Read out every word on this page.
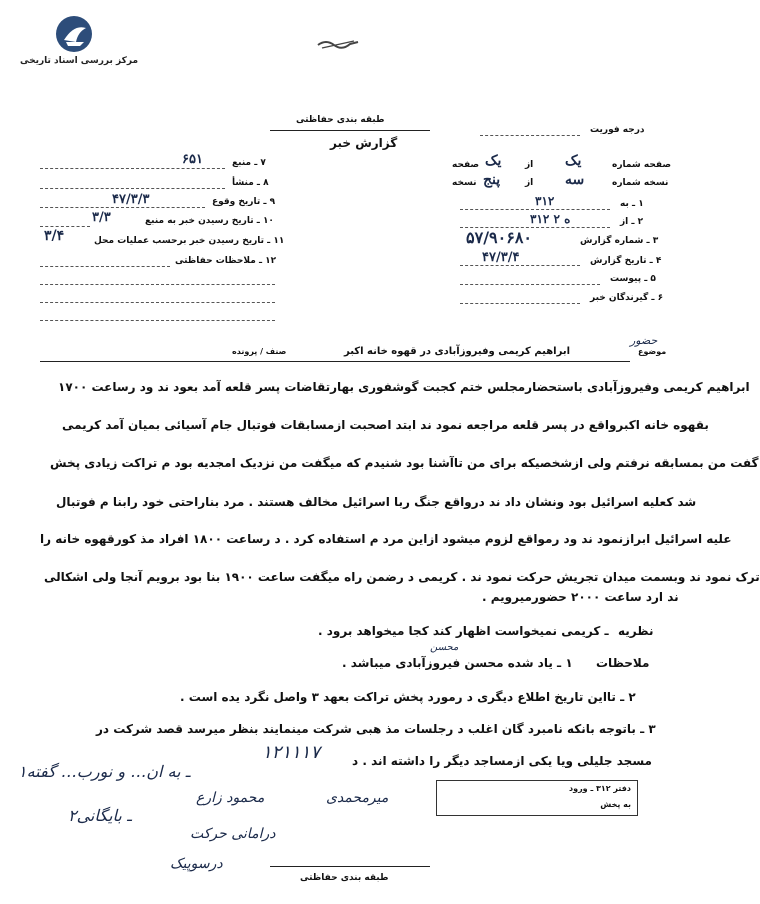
مرکز بررسی اسناد تاریخی
طبقه بندی حفاظتی
گزارش خبر
درجه فوریت
صفحه شماره
یک
از
یک
صفحه
نسخه شماره
سه
از
پنج
نسخه
۱ ـ به
۳۱۲
۲ ـ از
۳۱۲ ه ۲
۳ ـ شماره گزارش
۵۷/۹۰۶۸۰
۴ ـ تاریخ گزارش
۴۷/۳/۴
۵ ـ پیوست
۶ ـ گیرندگان خبر
۷ ـ منبع
۶۵۱
۸ ـ منشأ
۹ ـ تاریخ وقوع
۴۷/۳/۳
۱۰ ـ تاریخ رسیدن خبر به منبع
۳/۳
۱۱ ـ تاریخ رسیدن خبر برحسب عملیات محل
۳/۴
۱۲ ـ ملاحظات حفاظتی
حضور
موضوع
ابراهیم کریمی وفیروزآبادی در قهوه خانه اکبر
صنف / پرونده
ابراهیم کریمی وفیروزآبادی باستحضارمجلس ختم کجبت گوشفوری بهارتقاضات پسر قلعه آمد بعود ند ود رساعت ۱۷۰۰
بقهوه خانه اکبرواقع در پسر قلعه مراجعه نمود ند ابتد اصحبت ازمسابقات فوتبال جام آسیائی بمیان آمد کریمی
گفت من بمسابقه نرفتم ولی ازشخصیکه برای من تاآشنا بود شنیدم که میگفت من نزدیک امجدیه بود م تراکت زیادی پخش
شد کعلیه اسرائیل بود ونشان داد ند درواقع جنگ ربا اسرائیل مخالف هستند . مرد بناراحتی خود رابنا م فوتبال
علیه اسرائیل ابرازنمود ند ود رمواقع لزوم میشود ازاین مرد م استفاده کرد . د رساعت ۱۸۰۰ افراد مذ کورقهوه خانه را
ترک نمود ند وبسمت میدان تجریش حرکت نمود ند . کریمی د رضمن راه میگفت ساعت ۱۹۰۰ بنا بود برویم آنجا ولی اشکالی
ند ارد ساعت ۲۰۰۰ حضورمیرویم .
نظریه
ـ کریمی نمیخواست اظهار کند کجا میخواهد برود .
محسن
ملاحظات
۱ ـ یاد شده محسن فیروزآبادی میباشد .
۲ ـ تااین تاریخ اطلاع دیگری د رمورد پخش تراکت بعهد ۳ واصل نگرد یده است .
۳ ـ باتوجه بانکه نامبرد گان اغلب د رجلسات مذ هبی شرکت مینمایند بنظر میرسد قصد شرکت در
مسجد جلیلی ویا یکی ازمساجد دیگر را داشته اند . د
۱۲۱۱۱۷
۱ـ به ان… و نورب… گفته
۲ـ بایگانی
محمود زارع	میرمحمدی
درامانی حرکت
درسوپیک
دفتر ۳۱۲ ـ ورود
به پخش
طبقه بندی حفاظتی
